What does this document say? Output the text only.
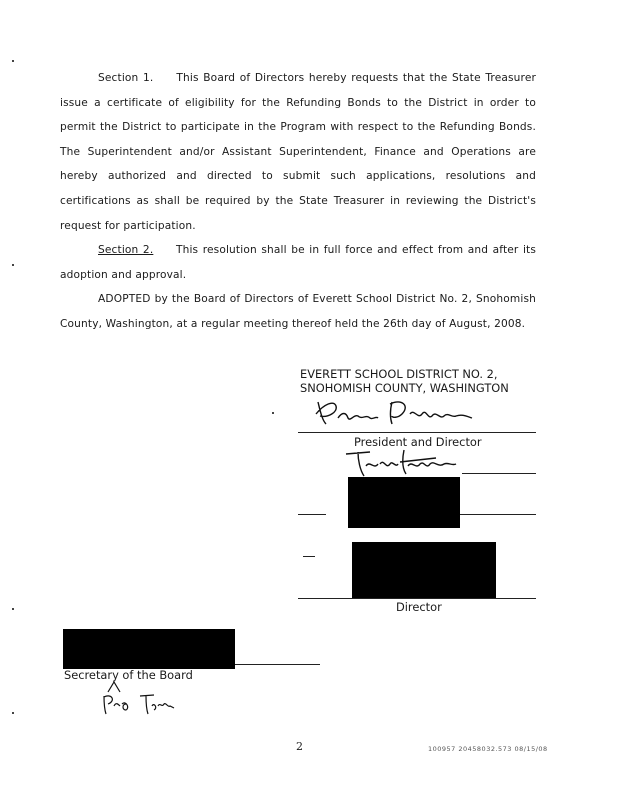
Section 1. This Board of Directors hereby requests that the State Treasurer issue a certificate of eligibility for the Refunding Bonds to the District in order to permit the District to participate in the Program with respect to the Refunding Bonds. The Superintendent and/or Assistant Superintendent, Finance and Operations are hereby authorized and directed to submit such applications, resolutions and certifications as shall be required by the State Treasurer in reviewing the District's request for participation.
Section 2. This resolution shall be in full force and effect from and after its adoption and approval.
ADOPTED by the Board of Directors of Everett School District No. 2, Snohomish County, Washington, at a regular meeting thereof held the 26th day of August, 2008.
EVERETT SCHOOL DISTRICT NO. 2,
SNOHOMISH COUNTY, WASHINGTON
President and Director
Director
Secretary of the Board
2	100957 20458032.573 08/15/08
